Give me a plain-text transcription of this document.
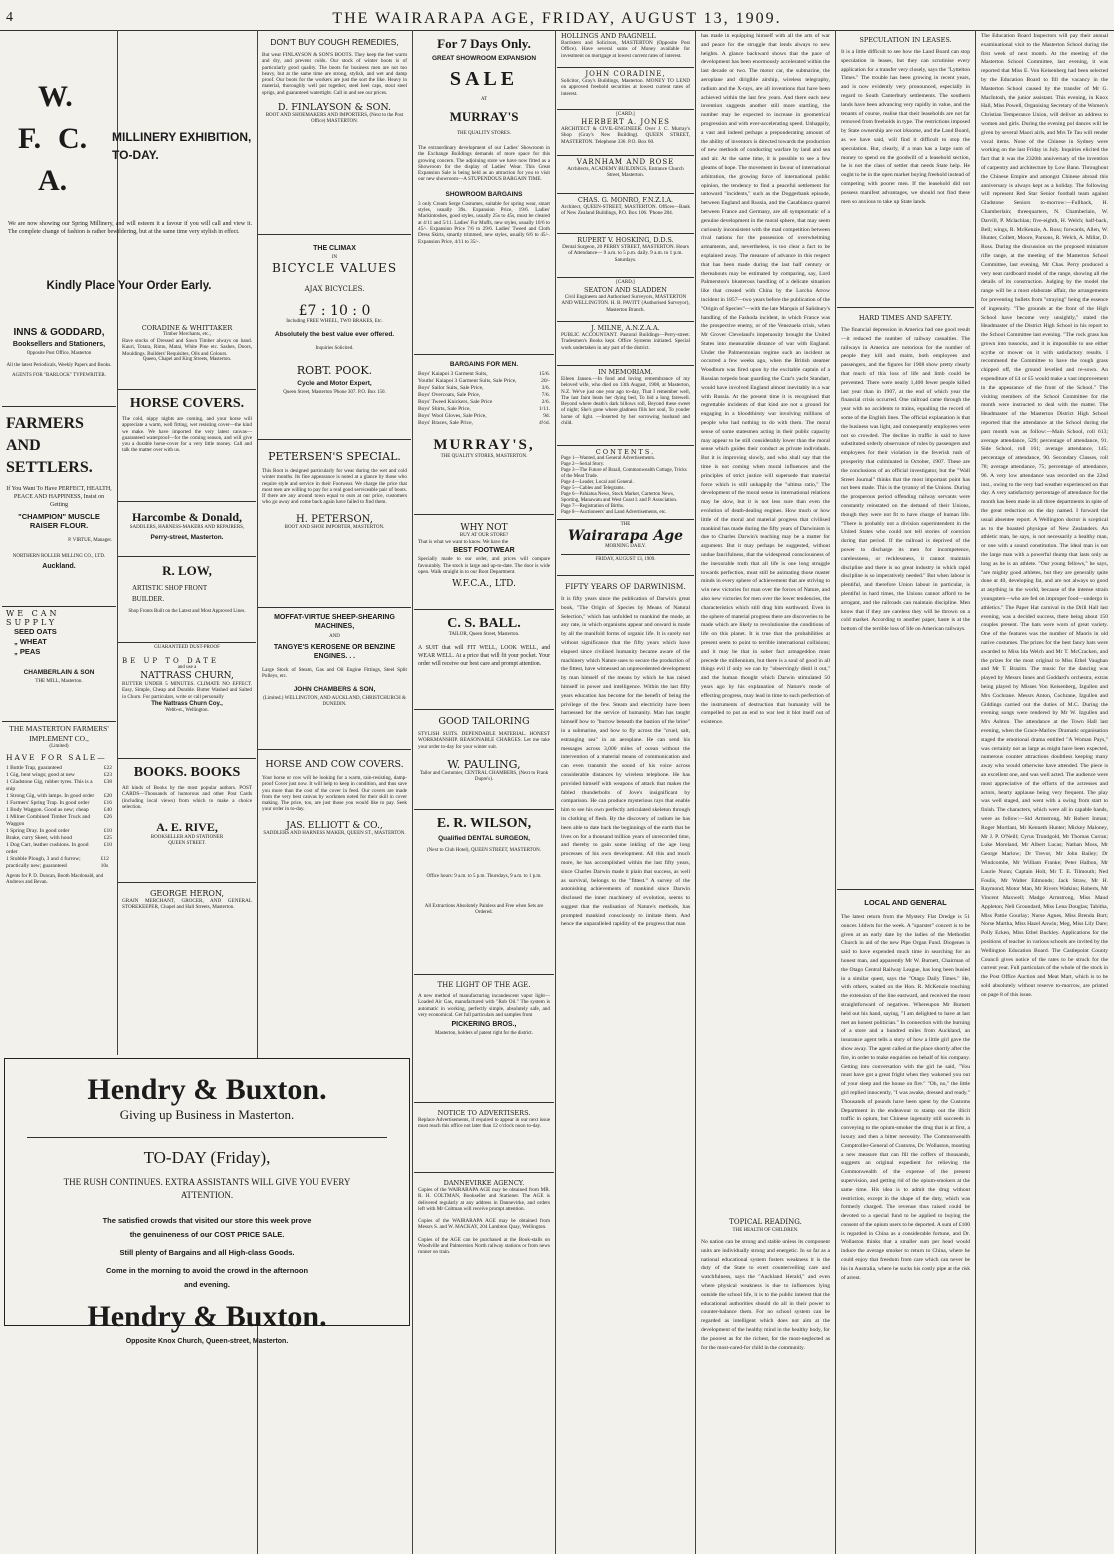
4	THE WAIRARAPA AGE, FRIDAY, AUGUST 13, 1909.
W.
F. C.
A.
MILLINERY EXHIBITION, TO-DAY.
We are now showing our Spring Millinery, and will esteem it a favour if you will call and view it. The complete change of fashion is rather bewildering, but at the same time very stylish in effect.
Kindly Place Your Order Early.
INNS & GODDARD,
Booksellers and Stationers,
Opposite Post Office, Masterton
All the latest Periodicals, Weekly Papers and Books.
AGENTS FOR "BARLOCK" TYPEWRITER.
FARMERS AND SETTLERS.
If You Want To Have PERFECT, HEALTH, PEACE AND HAPPINESS, Insist on Getting
"CHAMPION" MUSCLE RAISER FLOUR.
P. VIRTUE, Manager.
NORTHERN ROLLER MILLING CO., LTD.
Auckland.
WE CAN SUPPLY
SEED OATS
„ WHEAT
„ PEAS
CHAMBERLAIN & SON
THE MILL, Masterton.
THE MASTERTON FARMERS' IMPLEMENT CO.,
(Limited)
HAVE FOR SALE—
1 Buttle Trap, guaranteed	£22
1 Gig, bent wings; good at new	£23
1 Gladstone Gig, rubber tyres. This is a snip
£38
1 Strong Gig, with lamps. In good order £20
1 Farmers' Spring Trap. In good order	£16
1 Body Waggon. Good as new; cheap	£40
1 Milner Combined Timber Truck and Waggon
£26
1 Spring Dray. In good order	£10
Brake, curry Skeet, with hood	£25
1 Dog Cart, leather cushions. In good order
£10
1 Stubble Plough, 3 and 4 furrow; practically new; guaranteed
£12 10s
Agents for P. D. Duncan, Booth Macdonald, and Andrews and Bevan.
CORADINE & WHITTAKER
Timber Merchants, etc.,
Have stocks of Dressed and Sawn Timber always on hand. Kauri, Totara, Rimu, Matai, White Pine etc. Sashes, Doors, Mouldings. Builders' Requisites, Oils and Colours.
Queen, Chapel and King Streets, Masterton.
HORSE COVERS.
The cold, nippy nights are coming, and your horse will appreciate a warm, well fitting, wet resisting cover—the kind we make. We have imported the very latest canvas—guaranteed waterproof—for the coming season, and will give you a durable horse-cover for a very little money. Call and talk the matter over with us.
Harcombe & Donald,
SADDLERS, HARNESS-MAKERS AND REPAIRERS,
Perry-street, Masterton.
R. LOW,
ARTISTIC SHOP FRONT
BUILDER.
Shop Fronts Built on the Latest and Most Approved Lines.
GUARANTEED DUST-PROOF
BE UP TO DATE
and use a
NATTRASS CHURN,
BUTTER UNDER 5 MINUTES. CLIMATE NO EFFECT. Easy, Simple, Cheap and Durable. Butter Washed and Salted in Churn. For particulars, write or call personally
The Nattrass Churn Coy.,
Webb-st., Wellington.
BOOKS. BOOKS
All kinds of Books by the most popular authors. POST CARDS—Thousands of humorous and other Post Cards (including local views) from which to make a choice selection.
A. E. RIVE,
BOOKSELLER AND STATIONER
QUEEN STREET.
GEORGE HERON,
GRAIN MERCHANT, GROCER, AND GENERAL STOREKEEPER, Chapel and Hall Streets, Masterton.
DON'T BUY COUGH REMEDIES,
But wear FINLAYSON & SON'S BOOTS. They keep the feet warm and dry, and prevent colds. Our stock of winter boots is of particularly good quality. The boots for business men are not too heavy, but at the same time are strong, stylish, and wet and damp proof. Our boots for the workers are just the sort the like. Heavy in material, thoroughly well put together, steel heel caps, stout steel sprigs, and guaranteed watertight. Call in and see our prices.
D. FINLAYSON & SON.
BOOT AND SHOEMAKERS AND IMPORTERS, (Next to the Post Office) MASTERTON.
THE CLIMAX
IN
BICYCLE VALUES
AJAX BICYCLES.
£7 : 10 : 0
Including FREE WHEEL, TWO BRAKES, Etc.
Absolutely the best value ever offered.
Inquiries Solicited.
ROBT. POOK.
Cycle and Motor Expert,
Queen Street, Masterton 'Phone 307. P.O. Box 150.
PETERSEN'S SPECIAL.
This Boot is designed particularly for wear during the wet and cold winter months. Its fine appearance is noted at a glance by those who require style and service in their Footwear. We charge the price that most men are willing to pay for a real good serviceable pair of boots. If there are any around town equal to ours at our price, customers who go away and come back again have failed to find them.
H. PETERSON,
BOOT AND SHOE IMPORTER, MASTERTON.
MOFFAT-VIRTUE SHEEP-SHEARING MACHINES,
AND
TANGYE'S KEROSENE OR BENZINE ENGINES. . .
Large Stock of Steam, Gas and Oil Engine Fittings, Steel Split Pulleys, etc.
JOHN CHAMBERS & SON,
(Limited.) WELLINGTON, AND AUCKLAND, CHRISTCHURCH & DUNEDIN.
HORSE AND COW COVERS.
Your horse or cow will be looking for a warm, rain-resisting, damp-proof Cover just now. It will help to keep in condition, and thus save you more than the cost of the cover in feed. Our covers are made from the very best canvas by workmen noted for their skill in cover making. The price, too, are just those you would like to pay. Seek your order in to-day.
JAS. ELLIOTT & CO.,
SADDLERS AND HARNESS MAKER, QUEEN ST., MASTERTON.
Hendry & Buxton.
Giving up Business in Masterton.
TO-DAY (Friday),
THE RUSH CONTINUES. EXTRA ASSISTANTS WILL GIVE YOU EVERY ATTENTION.
The satisfied crowds that visited our store this week prove
the genuineness of our COST PRICE SALE.
Still plenty of Bargains and all High-class Goods.
Come in the morning to avoid the crowd in the afternoon
and evening.
Hendry & Buxton.
Opposite Knox Church, Queen-street, Masterton.
For 7 Days Only.
GREAT SHOWROOM EXPANSION
SALE
AT
MURRAY'S
THE QUALITY STORES.
The extraordinary development of our Ladies' Showroom in the Exchange Buildings demands of more space for this growing concern. The adjoining store we have now fitted as a Showroom for the display of Ladies' Wear. This Great Expansion Sale is being held as an attraction for you to visit our new showroom—A STUPENDOUS BARGAIN TIME.
SHOWROOM BARGAINS
3 only Cream Serge Costumes, suitable for spring wear, smart styles, usually 39s. Expansion Price, 19/6. Ladies' Mackintoshes, good styles, usually 25s to 45s, must be cleared at 4/11 and 5/11. Ladies' Fur Muffs, new styles, usually 10/6 to 45/-. Expansion Price 7/6 to 29/6. Ladies' Tweed and Cloth Dress Skirts, smartly trimmed, new styles, usually 6/6 to 45/-. Expansion Price, 4/11 to 35/-.
BARGAINS FOR MEN.
Boys' Kaiapoi 3 Garment Suits,	15/6.
Youths' Kaiapoi 3 Garment Suits, Sale Price,	20/-
Boys' Sailor Suits, Sale Price,	3/6.
Boys' Overcoats, Sale Price,	7/6.
Boys' Tweed Knickers, Sale Price	2/6.
Boys' Shirts, Sale Price,	1/11.
Boys' Wool Gloves, Sale Price,	9d.
Boys' Braces, Sale Price,	4½d.
MURRAY'S,
THE QUALITY STORES, MASTERTON.
WHY NOT
BUY AT OUR STORE?
That is what we want to know. We have the
BEST FOOTWEAR
Specially made to our order, and prices will compare favourably. The stock is large and up-to-date. The door is wide open. Walk straight in to our Boot Department.
W.F.C.A., LTD.
C. S. BALL.
TAILOR, Queen Street, Masterton.
A SUIT that will FIT WELL, LOOK WELL, and WEAR WELL. At a price that will fit your pocket. Your order will receive our best care and prompt attention.
GOOD TAILORING
STYLISH SUITS. DEPENDABLE MATERIAL. HONEST WORKMANSHIP. REASONABLE CHARGES. Let me take your order to-day for your winter suit.
W. PAULING,
Tailor and Costumier, CENTRAL CHAMBERS, (Next to Frank Dupre's).
E. R. WILSON,
Qualified DENTAL SURGEON,
(Next to Club Hotel), QUEEN STREET, MASTERTON.
Office hours: 9 a.m. to 5 p.m. Thursdays, 9 a.m. to 1 p.m.
All Extractions Absolutely Painless and Free when Sets are Ordered.
THE LIGHT OF THE AGE.
A new method of manufacturing incandescent vapor light—Loaded Air Gas, manufactured with "Rob Oil." The system is automatic in working, perfectly simple, absolutely safe, and very economical. Get full particulars and samples from
PICKERING BROS.,
Masterton, holders of patent right for the district.
NOTICE TO ADVERTISERS.
Replace Advertisements, if required to appear in our next issue must reach this office not later than 12 o'clock noon to-day.
DANNEVIRKE AGENCY.
Copies of the WAIRARAPA AGE may be obtained from MR. R. H. COLTMAN, Bookseller and Stationer. The AGE is delivered regularly at any address in Dannevirke, and orders left with Mr Coltman will receive prompt attention.
Copies of the WAIRARAPA AGE may be obtained from Messrs S. and W. MACKAY, 204 Lambton Quay, Wellington.
Copies of the AGE can be purchased at the Book-stalls on Woodville and Palmerston North railway stations or from news runner on train.
HOLLINGS AND PAAGNELL
Barristers and Solicitors, MASTERTON (Opposite Post Office). Have several sums of Money available for investment on mortgage at lowest current rates of interest.
JOHN CORADINE,
Solicitor, Gray's Buildings, Masterton. MONEY TO LEND on approved freehold securities at lowest current rates of interest.
[CARD.]
HERBERT A. JONES
ARCHITECT & CIVIL-ENGINEER. Over J. C. Murray's Shop (Gray's New Building). QUEEN STREET, MASTERTON. Telephone 336. P.O. Box 60.
VARNHAM AND ROSE
Architects, ACADEMY BUILDINGS, Entrance Church Street, Masterton.
CHAS. G. MONRO, F.N.Z.I.A.
Architect, QUEEN-STREET, MASTERTON. Offices—Bank of New Zealand Buildings, P.O. Box 106. 'Phone 284.
RUPERT V. HOSKING, D.D.S.
Dental Surgeon, 20 PERRY STREET, MASTERTON. Hours of Attendance— 9 a.m. to 5 p.m. daily. 9 a.m. to 1 p.m. Saturdays.
[CARD.]
SEATON AND SLADDEN
Civil Engineers and Authorised Surveyors, MASTERTON AND WELLINGTON. H. B. PAVITT (Authorised Surveyor), Masterton Branch.
J. MILNE, A.N.Z.A.A.
PUBLIC ACCOUNTANT. Pastoral Buildings—Perry-street. Tradesmen's Books kept. Office Systems initiated. Special work undertaken in any part of the district.
IN MEMORIAM.
Eileen Jansen.—In fond and loving remembrance of my beloved wife, who died on 13th August, 1908, at Masterton, N.Z. We've just one year ago to-day, That I remember well, The last faint beats her dying bed, To bid a long farewell. Beyond where death's dark billows roll, Beyond these sweet of night; She's gone where gladness fills her soul, To yonder home of light. —Inserted by her sorrowing husband and child.
CONTENTS.
Page 1—Wanted, and General Advertisements.
Page 2—Serial Story.
Page 3—The Future of Brazil, Commonwealth Cottage, Tricks of the Meat Trade.
Page 4—Leader, Local and General.
Page 5—Cables and Telegrams.
Page 6—Pahiatua News, Stock Market, Carterton News, Sporting, Manawatu and West Coast I. and P. Association.
Page 7—Registration of Births.
Page 8—Auctioneers' and Land Advertisements, etc.
THE
Wairarapa Age
MORNING DAILY.
FRIDAY, AUGUST 13, 1909.
FIFTY YEARS OF DARWINISM.
It is fifty years since the publication of Darwin's great book, "The Origin of Species by Means of Natural Selection," which has unfolded to mankind the mode, at any rate, in which organisms appear and onward is made by all the manifold forms of organic life. It is surely not without significance that the fifty years which have elapsed since civilised humanity became aware of the machinery which Nature uses to secure the production of the fittest, have witnessed an unprecedented development by man himself of the means by which he has raised himself in power and intelligence. Within the last fifty years education has become for the benefit of being the privilege of the few. Steam and electricity have been harnessed for the service of humanity. Man has taught himself how to "burrow beneath the bastion of the brine" in a submarine, and how to fly across the "cruel, salt, estranging sea" in an aeroplane. He can send his messages across 3,000 miles of ocean without the intervention of a material means of communication and can even transmit the sound of his voice across considerable distances by wireless telephone. He has provided himself with weapons of attack that makes the fabled thunderbolts of Jove's insignificant by comparison. He can produce mysterious rays that enable him to see his own perfectly articulated skeleton through its clothing of flesh. By the discovery of radium he has been able to date back the beginnings of the earth that he lives on for a thousand million years of unrecorded time, and thereby to gain some inkling of the age long processes of his own development. All this and much more, he has accomplished within the last fifty years, since Charles Darwin made it plain that success, as well as survival, belongs to the "fittest." A survey of the astonishing achievements of mankind since Darwin disclosed the inner machinery of evolution, seems to suggest that the realisation of Nature's methods, has prompted mankind consciously to imitate them. And hence the unparalleled rapidity of the progress that man
has made in equipping himself with all the arts of war and peace for the struggle that lends always to new heights. A glance backward shows that the pace of development has been enormously accelerated within the last decade or two. The motor car, the submarine, the aeroplane and dirigible airship, wireless telegraphy, radium and the X-rays, are all inventions that have been achieved within the last few years. And there each new invention suggests another still more startling, the number may be expected to increase in geometrical progression and with ever-accelerating speed. Unhappily, a vast and indeed perhaps a preponderating amount of the ability of inventors is directed towards the production of new methods of conducting warfare by land and sea and air. At the same time, it is possible to see a few gleams of hope. The movement in favour of international arbitration, the growing force of international public opinion, the tendency to find a peaceful settlement for untoward "incidents," such as the Doggerbank episode, between England and Russia, and the Casablanca quarrel between France and Germany, are all symptomatic of a genuine development in the moral sphere, that may seem curiously inconsistent with the mad competition between rival nations for the possession of overwhelming armaments, and, nevertheless, is too clear a fact to be explained away. The measure of advance in this respect that has been made during the last half century or thereabouts may be estimated by comparing, say, Lord Palmerston's blusterous handling of a delicate situation like that created with China by the Lorcha Arrow incident in 1857—two years before the publication of the "Origin of Species"—with the late Marquis of Salisbury's handling of the Fashoda incident, in which France was the prospective enemy, or of the Venezuela crisis, when Mr Grover Cleveland's impetuosity brought the United States into measurable distance of war with England. Under the Palmerstonian regime such an incident as occurred a few weeks ago, when the British steamer Woodburn was fired upon by the excitable captain of a Russian torpedo boat guarding the Czar's yacht Standart, would have involved England almost inevitably in a war with Russia. At the present time it is recognised that regrettable incidents of that kind are not a ground for engaging in a bloodthirsty war involving millions of people who had nothing to do with them. The moral sense of some statesmen acting in their public capacity may appear to be still considerably lower than the moral sense which guides their conduct as private individuals. But it is improving slowly, and who shall say that the time is not coming when moral influences and the principles of strict justice will supersede that material force which is still unhappily the "ultima ratio," The development of the moral sense in international relations may be slow, but it is not less sure than even the evolution of death-dealing engines. How much or how little of the moral and material progress that civilised mankind has made during the fifty years of Darwinism is due to Charles Darwin's teaching may be a matter for argument. But it may perhaps be suggested, without undue fancifulness, that the widespread consciousness of the inexorable truth that all life is one long struggle towards perfection, must still be animating those master minds in every sphere of achievement that are striving to win new victories for man over the forces of Nature, and also new victories for men over the lower tendencies, the characteristics which still drag him earthward. Even in the sphere of material progress there are discoveries to be made which are likely to revolutionise the conditions of life on this planet. It is true that the probabilities at present seem to point to terrible international collisions; and it may be that in sober fact armageddon must precede the millennium, but there is a soul of good in all things evil if only we can by "observingly distil it out," and the human thought which Darwin stimulated 50 years ago by his explanation of Nature's mode of effecting progress, may lead in time to such perfection of the instruments of destruction that humanity will be compelled to put an end to war lest it blot itself out of existence.
TOPICAL READING.
THE HEALTH OF CHILDREN.
No nation can be strong and stable unless its component units are individually strong and energetic. In so far as a national educational system fosters weakness it is the duty of the State to exert counterveiling care and watchfulness, says the "Auckland Herald," and even where physical weakness is due to influences lying outside the school life, it is to the public interest that the educational authorities should do all in their power to counter-balance them. For no school system can be regarded as intelligent which does not aim at the development of the healthy mind in the healthy body, for the poorest as for the richest, for the most-neglected as for the most-cared-for child in the community.
SPECULATION IN LEASES.
It is a little difficult to see how the Land Board can stop speculation in leases, but they can scrutinise every application for a transfer very closely, says the "Lyttelton Times." The trouble has been growing in recent years, and is now evidently very pronounced, especially in regard to South Canterbury settlements. The southern lands have been advancing very rapidly in value, and the tenants of course, realise that their leaseholds are not far removed from freeholds in type. The restrictions imposed by State ownership are not irksome, and the Land Board, as we have said, will find it difficult to stop the speculation. But, clearly, if a man has a large sum of money to spend on the goodwill of a leasehold section, he is not the class of settler that needs State help. He ought to be in the open market buying freehold instead of competing with poorer men. If the leasehold did not possess manifest advantages, we should not find these men so anxious to take up State lands.
HARD TIMES AND SAFETY.
The financial depression in America had one good result—it reduced the number of railway casualties. The railways in America are notorious for the number of people they kill and maim, both employees and passengers, and the figures for 1908 show pretty clearly that much of this loss of life and limb could be prevented. There were nearly 1,400 fewer people killed last year than in 1907, at the end of which year the financial crisis occurred. One railroad came through the year with no accidents to trains, equalling the record of some of the English lines. The official explanation is that the business was light, and consequently employees were not so crowded. The decline in traffic is said to have substituted orderly observance of rules by passengers and employees for their violation in the feverish rush of prosperity that culminated in October, 1907. These are the conclusions of an official investigator, but the "Wall Street Journal" thinks that the most important point has not been made. This is the tyranny of the Unions. During the prosperous period offending railway servants were constantly reinstated on the demand of their Unions, though they were not fit to have charge of human life. "There is probably not a division superintendent in the United States who could not tell stories of coercion during that period. If the railroad is deprived of the power to discharge its men for incompetence, carelessness, or recklessness, it cannot maintain discipline and there is no great industry in which rapid discipline is so imperatively needed." But when labour is plentiful, and therefore Union labour in particular, is plentiful in hard times, the Unions cannot afford to be arrogant, and the railroads can maintain discipline. Men know that if they are careless they will be thrown on a cold market. According to another paper, haste is at the bottom of the terrible loss of life on American railways.
LOCAL AND GENERAL
The latest return from the Mystery Flat Dredge is 51 ounces 14dwts for the week. A "sparster" concert is to be given at an early date by the ladies of the Methodist Church in aid of the new Pipe Organ Fund. Diogenes is said to have expended much time in searching for an honest man, and apparently Mr W. Burnett, Chairman of the Otago Central Railway League, has long been busied in a similar quest, says the "Otago Daily Times." He, with others, waited on the Hon. R. McKenzie touching the extension of the line eastward, and received the most straightforward of negatives. Whereupon Mr Burnett held out his hand, saying, "I am delighted to have at last met an honest politician." In connection with the burning of a store and a hundred miles from Auckland, an insurance agent tells a story of how a little girl gave the show away. The agent called at the place shortly after the fire, in order to make enquiries on behalf of his company. Getting into conversation with the girl he said, "You must have got a great fright when they wakened you out of your sleep and the house on fire." "Oh, no," the little girl replied innocently, "I was awake, dressed and ready." Thousands of pounds have been spent by the Customs Department in the endeavour to stamp out the illicit traffic in opium, but Chinese ingenuity still succeeds in conveying to the opium-smoker the drug that is at first, a luxury and then a bitter necessity. The Commonwealth Comptroller-General of Customs, Dr. Wollaston, mooting a new measure that can fill the coffers of thousands, suggests an original expedient for relieving the Commonwealth of the expense of the present supervision, and getting rid of the opium-smokers at the same time. His idea is to admit the drug without restriction, except in the shape of the duty, which was formerly charged. The revenue thus raised could be devoted to a special fund to be applied to buying the consent of the opium users to be deported. A sum of £100 is regarded in China as a considerable fortune, and Dr. Wollaston thinks that a smaller sum per head would induce the average smoker to return to China, where he could enjoy that freedom from care which can never be his in Australia, where he sucks his costly pipe at the risk of arrest.
The Education Board Inspectors will pay their annual examinational visit to the Masterton School during the first week of next month. At the meeting of the Masterton School Committee, last evening, it was reported that Miss E. Von Keisenberg had been selected by the Education Board to fill the vacancy in the Masterton School caused by the transfer of Mr G. MacIntosh, the junior assistant. This evening, in Knox Hall, Miss Powell, Organising Secretary of the Women's Christian Temperance Union, will deliver an address to women and girls. During the evening pol dances will be given by several Maori airls, and Mrs Te Tau will render vocal items. None of the Chinese in Sydney were working on the last Friday in July. Inquiries elicited the fact that it was the 2320th anniversary of the invention of carpentry and architecture by Low Bann. Throughout the Chinese Empire and amongst Chinese abroad this anniversary is always kept as a holiday. The following will represent Red Star Senior football team against Gladstone Seniors to-morrow:—Fullback, H. Chamberlain; threequarters, N. Chamberlain, W. Darvill, P. Mclachlan; five-eighth, H. Welch; half-back, Bell; wings, R. McKenzie, A. Ross; forwards, Allen, W. Hunter, Collett, Moore, Parsons, R. Welch, A. Millar, D. Ross. During the discussion on the proposed miniature rifle range, at the meeting of the Masterton School Committee, last evening, Mr Chas. Perry produced a very neat cardboard model of the range, showing all the details of its construction. Judging by the model the range will be a most elaborate affair, the arrangements for preventing bullets from "straying" being the essence of ingenuity. "The grounds at the front of the High School have become very unsightly," stated the Headmaster of the District High School in his report to the School Committee last evening. "The rock grass has grown into tussocks, and it is impossible to use either scythe or mower on it with satisfactory results. I recommend the Committee to have the rough grass chipped off, the ground levelled and re-sown. An expenditure of £4 or £5 would make a vast improvement in the appearance of the front of the School." The visiting members of the School Committee for the month were instructed to deal with the matter. The Headmaster of the Masterton District High School reported that the attendance at the School during the past month was as follow:—Main School, roll 613; average attendance, 529; percentage of attendance, 91. Side School, roll 161; average attendance, 145; percentage of attendance, 90. Secondary Classes, roll 78; average attendance, 75; percentage of attendance, 96. A very low attendance was recorded on the 22nd inst., owing to the very bad weather experienced on that day. A very satisfactory percentage of attendance for the month has been made in all three departments in spite of the great reduction on the day named. I forward the usual absentee report. A Wellington doctor is sceptical as to the boasted physique of New Zealanders. An athletic man, he says, is not necessarily a healthy man, or one with a sound constitution. The ideal man is not the large man with a powerful thump that lasts only as long as he is an athlete. "Our young fellows," he says, "are mighty good athletes, but they are generally quite done at 40, developing fat, and are not always so good at anything in the world, because of the intense strain youngsters—who are fed on improper food—undergo in athletics." The Paper Hat carnival in the Drill Hall last evening, was a decided success, there being about 150 couples present. The hats were worn of great variety. One of the features was the number of Maoris in old native costumes. The prizes for the best fancy hats were awarded to Miss Ida Welch and Mr T. McCracken, and the prizes for the most original to Miss Ethel Vaughan and Mr T. Brazim. The music for the dancing was played by Messrs Innes and Goddard's orchestra, extras being played by Misses Von Keisenberg, Izgullen and Mrs Cochrane. Messrs Anton, Cochrane, Izgullen and Giddings carried out the duties of M.C. During the evening songs were rendered by Mr W. Izgullen and Mrs Ashton. The attendance at the Town Hall last evening, when the Grace-Marlow Dramatic organisation staged the emotional drama entitled "A Woman Pays," was certainly not as large as might have been expected, numerous counter attractions doubtless keeping many away who would otherwise have attended. The piece is an excellent one, and was well acted. The audience were most appreciative of the efforts of the actresses and actors, hearty applause being very frequent. The play was well staged, and went with a swing from start to finish. The characters, which were all in capable hands, were as follow:—Sid Armstrong, Mr Robert Inman; Roger Mortlant, Mr Kenneth Hunter; Mickey Maloney, Mr J. P. O'Neill; Cyrus Trundgold, Mr Thomas Curran; Luke Moreland, Mr Albert Lucas; Nathan Moss, Mr George Marlow; Dr Trevor, Mr John Bailey; Dr Windcombe, Mr William Franke; Peter Halbon, Mr Laurie Nunn; Captain Holt, Mr T. E. Tilmouth; Ned Foulis, Mr Walter Edmonds; Jack Straw, Mr H. Raymond; Motor Man, Mr Rivers Watkins; Roberts, Mr Vincent Maxwell; Madge Armstrong, Miss Maud Appleton; Nell Groundard, Miss Lena Douglas; Tabitha, Miss Pattie Gourlay; Nurse Agnes, Miss Brenda Burt; Norse Martha, Miss Hazel Anwin; Meg, Miss Lily Dare; Polly Ecken, Miss Ethel Buckley. Applications for the positions of teacher in various schools are invited by the Wellington Education Board. The Castlepoint County Council gives notice of the rates to be struck for the current year. Full particulars of the whole of the stock in the Post Office Auction and Meat Mart, which is to be sold absolutely without reserve to-morrow, are printed on page 8 of this issue.
